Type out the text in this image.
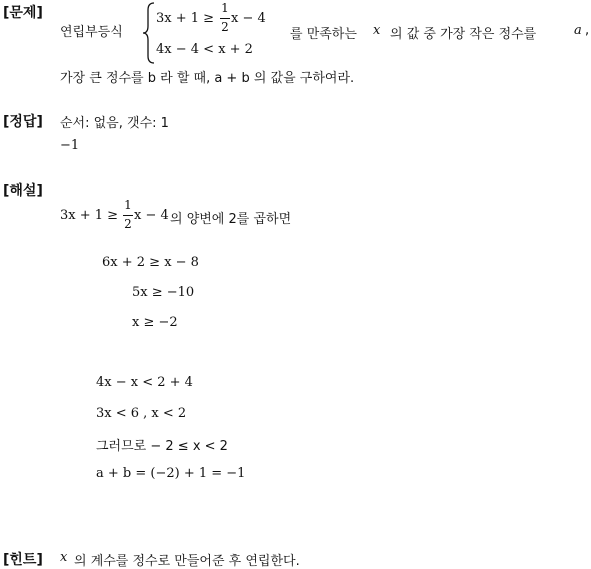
[문제]
연립부등식
3x + 1 ≥
1
2
x − 4
4x − 4 < x + 2
를 만족하는 x 의 값 중 가장 작은 정수를	a ,
가장 큰 정수를 b 라 할 때, a + b 의 값을 구하여라.
[정답] 순서: 없음, 갯수: 1
−1
[해설]
3x + 1 ≥
1
2
x − 4 의 양변에 2를 곱하면
6x + 2 ≥ x − 8
5x ≥ −10
x ≥ −2
4x − x < 2 + 4
3x < 6 , x < 2
그러므로 − 2 ≤ x < 2
a + b = (−2) + 1 = −1
[힌트] x 의 계수를 정수로 만들어준 후 연립한다.
